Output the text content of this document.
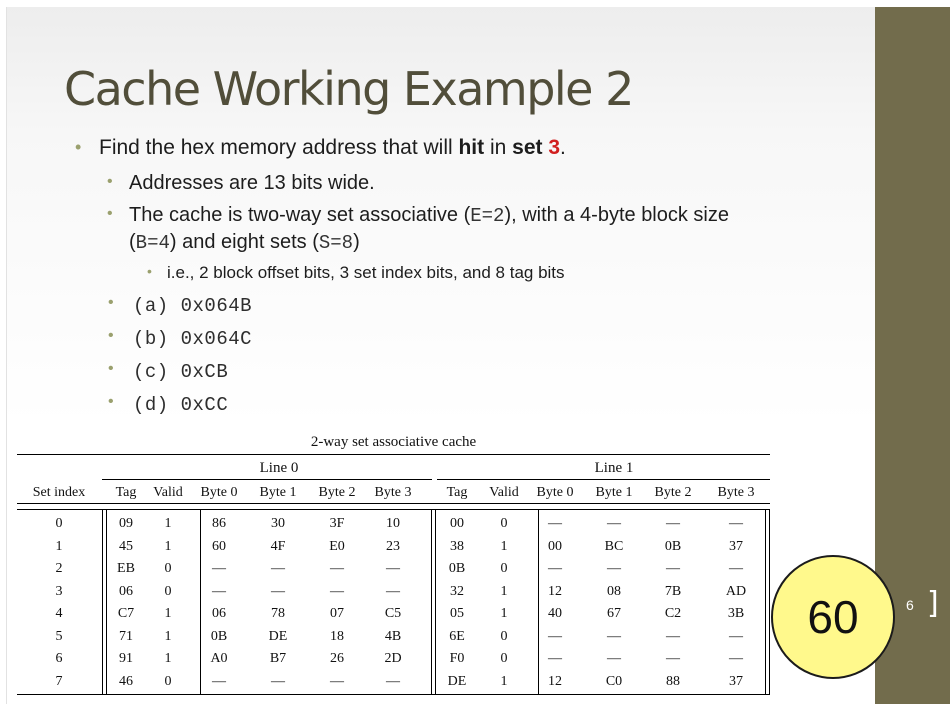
Cache Working Example 2
• Find the hex memory address that will hit in set 3.
• Addresses are 13 bits wide.
• The cache is two-way set associative (E=2), with a 4-byte block size
(B=4) and eight sets (S=8)
• i.e., 2 block offset bits, 3 set index bits, and 8 tag bits
• (a) 0x064B
• (b) 0x064C
• (c) 0xCB
• (d) 0xCC
2-way set associative cache
Line 0	Line 1
Set index Tag Valid Byte 0 Byte 1 Byte 2 Byte 3	Tag Valid Byte 0 Byte 1 Byte 2 Byte 3
0	09 1	86	30	3F	10	00	0	—	—	—	—
1	45 1	60	4F	E0	23	38	1	00	BC	0B	37
2	EB 0	—	—	—	—	0B	0	—	—	—	—
3	06 0	—	—	—	—	32	1	12	08	7B	AD
4	C7 1	06	78	07	C5	05	1	40	67	C2	3B
5	71 1	0B	DE	18	4B	6E	0	—	—	—	—
6	91 1	A0	B7	26	2D	F0	0	—	—	—	—
7	46 0	—	—	—	—	DE 1	12	C0	88	37
60	6 ]
